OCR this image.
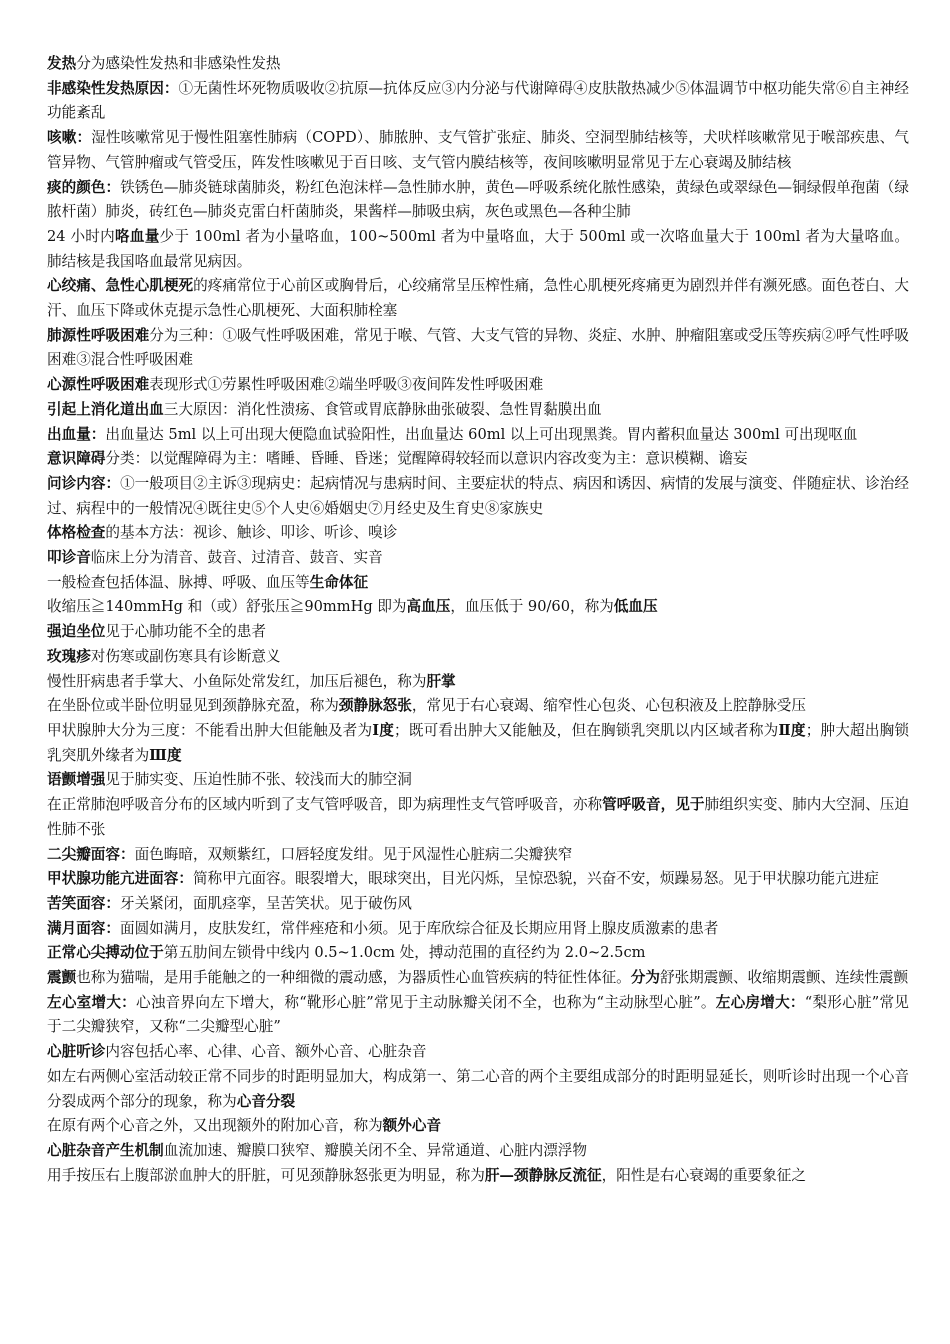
发热分为感染性发热和非感染性发热

非感染性发热原因：①无菌性坏死物质吸收②抗原—抗体反应③内分泌与代谢障碍④皮肤散热减少⑤体温调节中枢功能失常⑥自主神经功能紊乱

咳嗽：湿性咳嗽常见于慢性阻塞性肺病（COPD）、肺脓肿、支气管扩张症、肺炎、空洞型肺结核等，犬吠样咳嗽常见于喉部疾患、气管异物、气管肿瘤或气管受压，阵发性咳嗽见于百日咳、支气管内膜结核等，夜间咳嗽明显常见于左心衰竭及肺结核

痰的颜色：铁锈色—肺炎链球菌肺炎，粉红色泡沫样—急性肺水肿，黄色—呼吸系统化脓性感染，黄绿色或翠绿色—铜绿假单孢菌（绿脓杆菌）肺炎，砖红色—肺炎克雷白杆菌肺炎，果酱样—肺吸虫病，灰色或黑色—各种尘肺

24 小时内咯血量少于 100ml 者为小量咯血，100~500ml 者为中量咯血，大于 500ml 或一次咯血量大于 100ml 者为大量咯血。肺结核是我国咯血最常见病因。

心绞痛、急性心肌梗死的疼痛常位于心前区或胸骨后，心绞痛常呈压榨性痛，急性心肌梗死疼痛更为剧烈并伴有濒死感。面色苍白、大汗、血压下降或休克提示急性心肌梗死、大面积肺栓塞

肺源性呼吸困难分为三种：①吸气性呼吸困难，常见于喉、气管、大支气管的异物、炎症、水肿、肿瘤阻塞或受压等疾病②呼气性呼吸困难③混合性呼吸困难

心源性呼吸困难表现形式①劳累性呼吸困难②端坐呼吸③夜间阵发性呼吸困难

引起上消化道出血三大原因：消化性溃疡、食管或胃底静脉曲张破裂、急性胃黏膜出血

出血量：出血量达 5ml 以上可出现大便隐血试验阳性，出血量达 60ml 以上可出现黑粪。胃内蓄积血量达 300ml 可出现呕血

意识障碍分类：以觉醒障碍为主：嗜睡、昏睡、昏迷；觉醒障碍较轻而以意识内容改变为主：意识模糊、谵妄

问诊内容：①一般项目②主诉③现病史：起病情况与患病时间、主要症状的特点、病因和诱因、病情的发展与演变、伴随症状、诊治经过、病程中的一般情况④既往史⑤个人史⑥婚姻史⑦月经史及生育史⑧家族史

体格检查的基本方法：视诊、触诊、叩诊、听诊、嗅诊

叩诊音临床上分为清音、鼓音、过清音、鼓音、实音

一般检查包括体温、脉搏、呼吸、血压等生命体征

收缩压≧140mmHg 和（或）舒张压≧90mmHg 即为高血压，血压低于 90/60，称为低血压

强迫坐位见于心肺功能不全的患者

玫瑰疹对伤寒或副伤寒具有诊断意义

慢性肝病患者手掌大、小鱼际处常发红，加压后褪色，称为肝掌

在坐卧位或半卧位明显见到颈静脉充盈，称为颈静脉怒张，常见于右心衰竭、缩窄性心包炎、心包积液及上腔静脉受压

甲状腺肿大分为三度：不能看出肿大但能触及者为Ⅰ度；既可看出肿大又能触及，但在胸锁乳突肌以内区域者称为Ⅱ度；肿大超出胸锁乳突肌外缘者为Ⅲ度

语颤增强见于肺实变、压迫性肺不张、较浅而大的肺空洞

在正常肺泡呼吸音分布的区域内听到了支气管呼吸音，即为病理性支气管呼吸音，亦称管呼吸音，见于肺组织实变、肺内大空洞、压迫性肺不张

二尖瓣面容：面色晦暗，双颊紫红，口唇轻度发绀。见于风湿性心脏病二尖瓣狭窄

甲状腺功能亢进面容：简称甲亢面容。眼裂增大，眼球突出，目光闪烁，呈惊恐貌，兴奋不安，烦躁易怒。见于甲状腺功能亢进症

苦笑面容：牙关紧闭，面肌痉挛，呈苦笑状。见于破伤风

满月面容：面圆如满月，皮肤发红，常伴痤疮和小须。见于库欣综合征及长期应用肾上腺皮质激素的患者

正常心尖搏动位于第五肋间左锁骨中线内 0.5~1.0cm 处，搏动范围的直径约为 2.0~2.5cm

震颤也称为猫喘，是用手能触之的一种细微的震动感，为器质性心血管疾病的特征性体征。分为舒张期震颤、收缩期震颤、连续性震颤

左心室增大：心浊音界向左下增大，称“靴形心脏”常见于主动脉瓣关闭不全，也称为“主动脉型心脏”。左心房增大：“梨形心脏”常见于二尖瓣狭窄，又称“二尖瓣型心脏”

心脏听诊内容包括心率、心律、心音、额外心音、心脏杂音

如左右两侧心室活动较正常不同步的时距明显加大，构成第一、第二心音的两个主要组成部分的时距明显延长，则听诊时出现一个心音分裂成两个部分的现象，称为心音分裂

在原有两个心音之外，又出现额外的附加心音，称为额外心音

心脏杂音产生机制血流加速、瓣膜口狭窄、瓣膜关闭不全、异常通道、心脏内漂浮物

用手按压右上腹部淤血肿大的肝脏，可见颈静脉怒张更为明显，称为肝—颈静脉反流征，阳性是右心衰竭的重要象征之
